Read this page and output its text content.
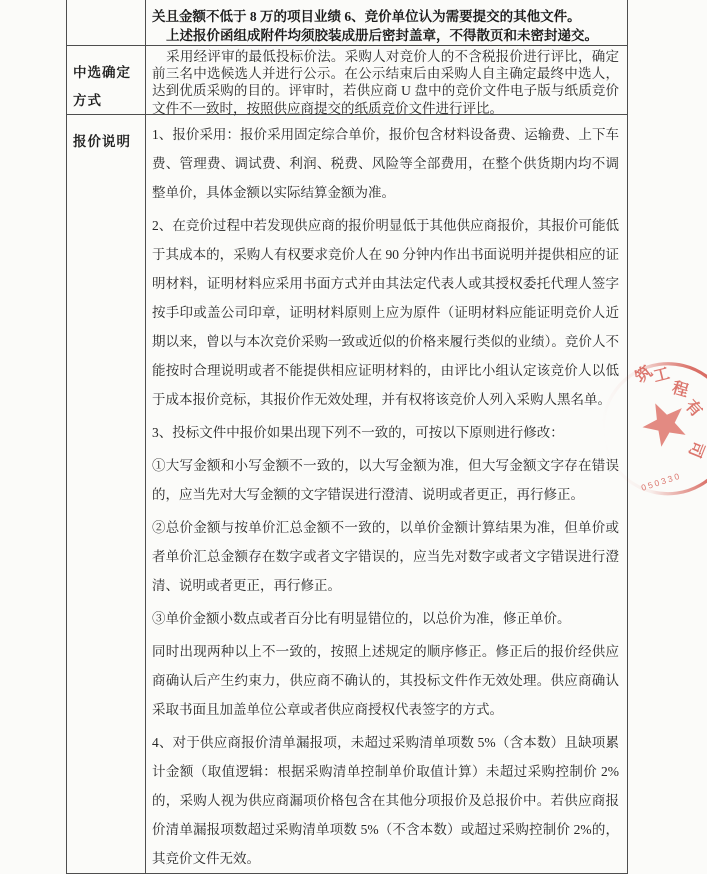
关且金额不低于 8 万的项目业绩 6、竞价单位认为需要提交的其他文件。
上述报价函组成附件均须胶装成册后密封盖章，不得散页和未密封递交。
中选确定方式

采用经评审的最低投标价法。采购人对竞价人的不含税报价进行评比，确定前三名中选候选人并进行公示。在公示结束后由采购人自主确定最终中选人，达到优质采购的目的。评审时，若供应商 U 盘中的竞价文件电子版与纸质竞价文件不一致时，按照供应商提交的纸质竞价文件进行评比。

报价说明	1、报价采用：报价采用固定综合单价，报价包含材料设备费、运输费、上下车费、管理费、调试费、利润、税费、风险等全部费用，在整个供货期内均不调整单价，具体金额以实际结算金额为准。

2、在竞价过程中若发现供应商的报价明显低于其他供应商报价，其报价可能低于其成本的，采购人有权要求竞价人在 90 分钟内作出书面说明并提供相应的证明材料，证明材料应采用书面方式并由其法定代表人或其授权委托代理人签字按手印或盖公司印章，证明材料原则上应为原件（证明材料应能证明竞价人近期以来，曾以与本次竞价采购一致或近似的价格来履行类似的业绩）。竞价人不能按时合理说明或者不能提供相应证明材料的，由评比小组认定该竞价人以低于成本报价竞标，其报价作无效处理，并有权将该竞价人列入采购人黑名单。

3、投标文件中报价如果出现下列不一致的，可按以下原则进行修改：

①大写金额和小写金额不一致的，以大写金额为准，但大写金额文字存在错误的，应当先对大写金额的文字错误进行澄清、说明或者更正，再行修正。

②总价金额与按单价汇总金额不一致的，以单价金额计算结果为准，但单价或者单价汇总金额存在数字或者文字错误的，应当先对数字或者文字错误进行澄清、说明或者更正，再行修正。

③单价金额小数点或者百分比有明显错位的，以总价为准，修正单价。

同时出现两种以上不一致的，按照上述规定的顺序修正。修正后的报价经供应商确认后产生约束力，供应商不确认的，其投标文件作无效处理。供应商确认采取书面且加盖单位公章或者供应商授权代表签字的方式。

4、对于供应商报价清单漏报项，未超过采购清单项数 5%（含本数）且缺项累计金额（取值逻辑：根据采购清单控制单价取值计算）未超过采购控制价 2%的，采购人视为供应商漏项价格包含在其他分项报价及总报价中。若供应商报价清单漏报项数超过采购清单项数 5%（不含本数）或超过采购控制价 2%的，其竞价文件无效。

筑
工
程
有
司
050330
